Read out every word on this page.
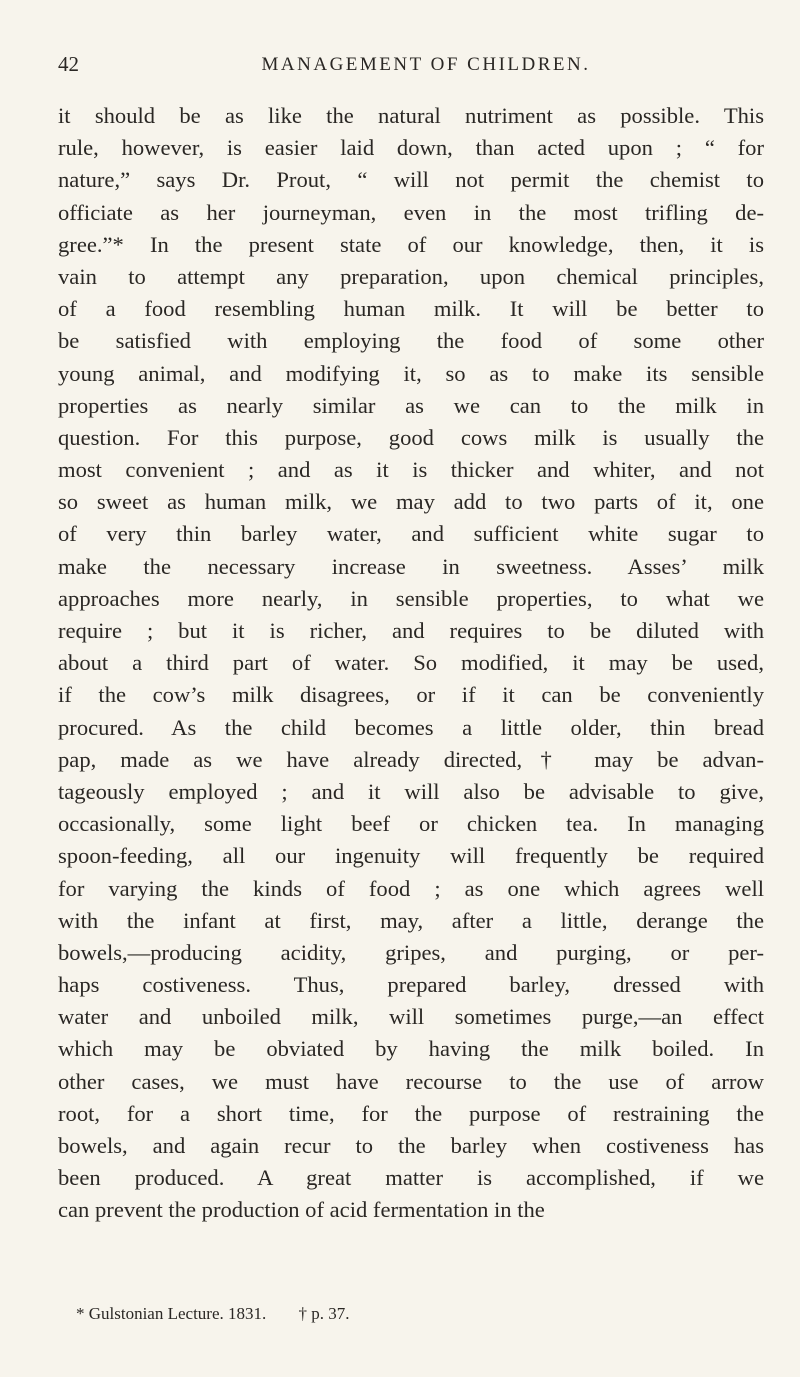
42	MANAGEMENT OF CHILDREN.
it should be as like the natural nutriment as possible. This
rule, however, is easier laid down, than acted upon ; “ for
nature,” says Dr. Prout, “ will not permit the chemist to
officiate as her journeyman, even in the most trifling de-
gree.”* In the present state of our knowledge, then, it is
vain to attempt any preparation, upon chemical principles,
of a food resembling human milk. It will be better to
be satisfied with employing the food of some other
young animal, and modifying it, so as to make its sensible
properties as nearly similar as we can to the milk in
question. For this purpose, good cows milk is usually the
most convenient ; and as it is thicker and whiter, and not
so sweet as human milk, we may add to two parts of it, one
of very thin barley water, and sufficient white sugar to
make the necessary increase in sweetness. Asses’ milk
approaches more nearly, in sensible properties, to what we
require ; but it is richer, and requires to be diluted with
about a third part of water. So modified, it may be used,
if the cow’s milk disagrees, or if it can be conveniently
procured. As the child becomes a little older, thin bread
pap, made as we have already directed,† may be advan-
tageously employed ; and it will also be advisable to give,
occasionally, some light beef or chicken tea. In managing
spoon-feeding, all our ingenuity will frequently be required
for varying the kinds of food ; as one which agrees well
with the infant at first, may, after a little, derange the
bowels,—producing acidity, gripes, and purging, or per-
haps costiveness. Thus, prepared barley, dressed with
water and unboiled milk, will sometimes purge,—an effect
which may be obviated by having the milk boiled. In
other cases, we must have recourse to the use of arrow
root, for a short time, for the purpose of restraining the
bowels, and again recur to the barley when costiveness has
been produced. A great matter is accomplished, if we
can prevent the production of acid fermentation in the
* Gulstonian Lecture. 1831. † p. 37.
